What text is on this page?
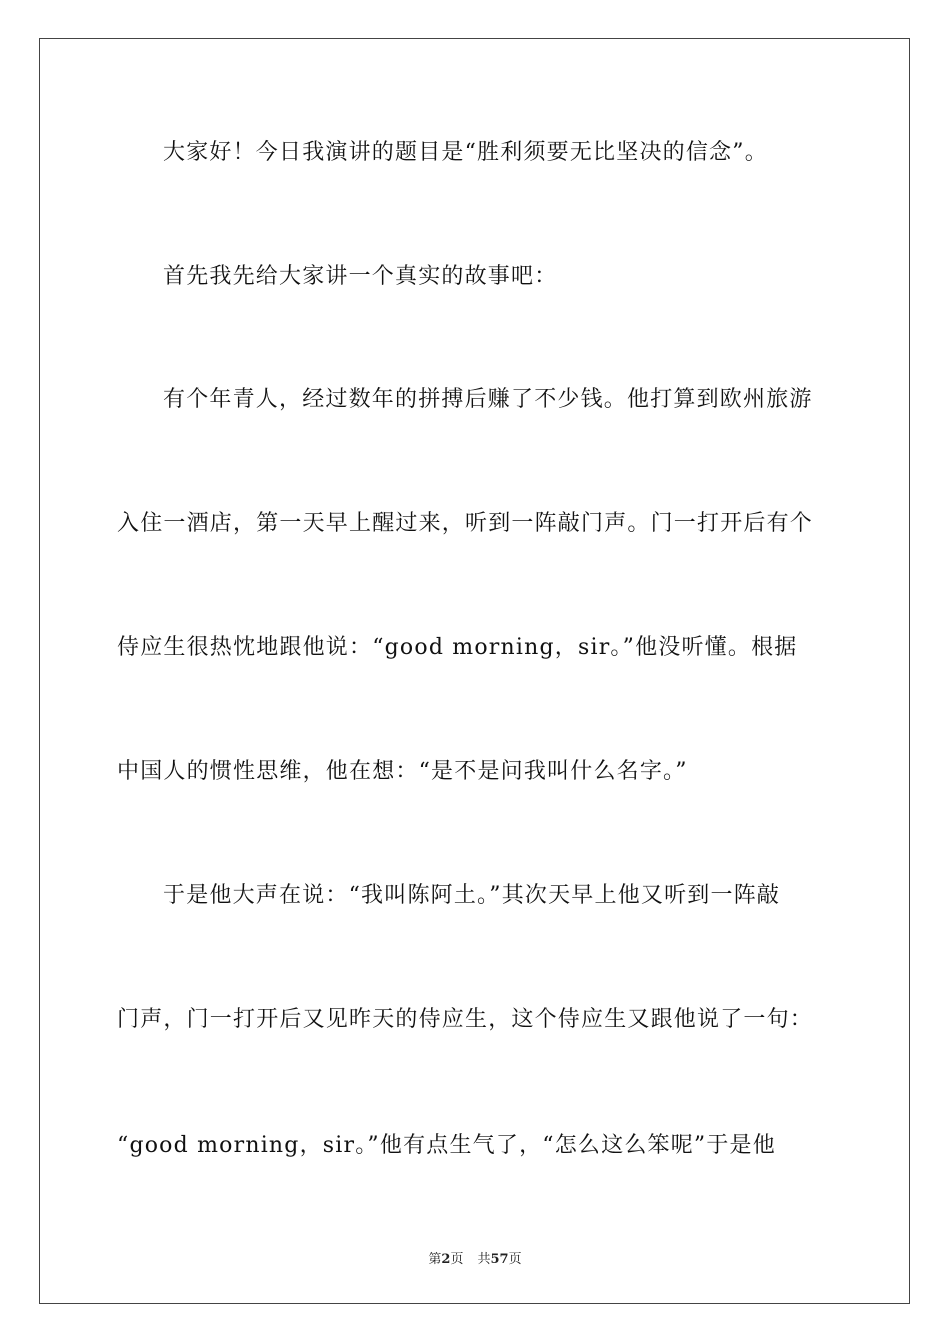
大家好！今日我演讲的题目是“胜利须要无比坚决的信念”。
首先我先给大家讲一个真实的故事吧：
有个年青人，经过数年的拼搏后赚了不少钱。他打算到欧州旅游
入住一酒店，第一天早上醒过来，听到一阵敲门声。门一打开后有个
侍应生很热忱地跟他说：“good morning，sir。”他没听懂。根据
中国人的惯性思维，他在想：“是不是问我叫什么名字。”
于是他大声在说：“我叫陈阿土。”其次天早上他又听到一阵敲
门声，门一打开后又见昨天的侍应生，这个侍应生又跟他说了一句：
“good morning，sir。”他有点生气了，“怎么这么笨呢”于是他
第2页 共57页
